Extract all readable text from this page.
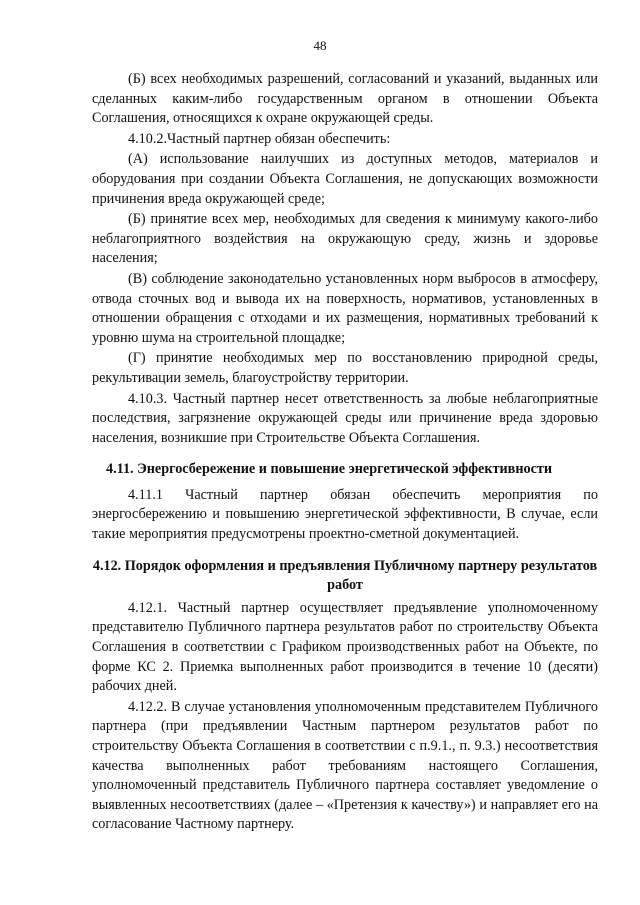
48

(Б) всех необходимых разрешений, согласований и указаний, выданных или сделанных каким-либо государственным органом в отношении Объекта Соглашения, относящихся к охране окружающей среды.

4.10.2.Частный партнер обязан обеспечить:

(А) использование наилучших из доступных методов, материалов и оборудования при создании Объекта Соглашения, не допускающих возможности причинения вреда окружающей среде;

(Б) принятие всех мер, необходимых для сведения к минимуму какого-либо неблагоприятного воздействия на окружающую среду, жизнь и здоровье населения;

(В) соблюдение законодательно установленных норм выбросов в атмосферу, отвода сточных вод и вывода их на поверхность, нормативов, установленных в отношении обращения с отходами и их размещения, нормативных требований к уровню шума на строительной площадке;

(Г) принятие необходимых мер по восстановлению природной среды, рекультивации земель, благоустройству территории.

4.10.3. Частный партнер несет ответственность за любые неблагоприятные последствия, загрязнение окружающей среды или причинение вреда здоровью населения, возникшие при Строительстве Объекта Соглашения.

4.11. Энергосбережение и повышение энергетической эффективности

4.11.1 Частный партнер обязан обеспечить мероприятия по энергосбережению и повышению энергетической эффективности, В случае, если такие мероприятия предусмотрены проектно-сметной документацией.

4.12. Порядок оформления и предъявления Публичному партнеру результатов работ

4.12.1. Частный партнер осуществляет предъявление уполномоченному представителю Публичного партнера результатов работ по строительству Объекта Соглашения в соответствии с Графиком производственных работ на Объекте, по форме КС 2. Приемка выполненных работ производится в течение 10 (десяти) рабочих дней.

4.12.2. В случае установления уполномоченным представителем Публичного партнера (при предъявлении Частным партнером результатов работ по строительству Объекта Соглашения в соответствии с п.9.1., п. 9.3.) несоответствия качества выполненных работ требованиям настоящего Соглашения, уполномоченный представитель Публичного партнера составляет уведомление о выявленных несоответствиях (далее – «Претензия к качеству») и направляет его на согласование Частному партнеру.
